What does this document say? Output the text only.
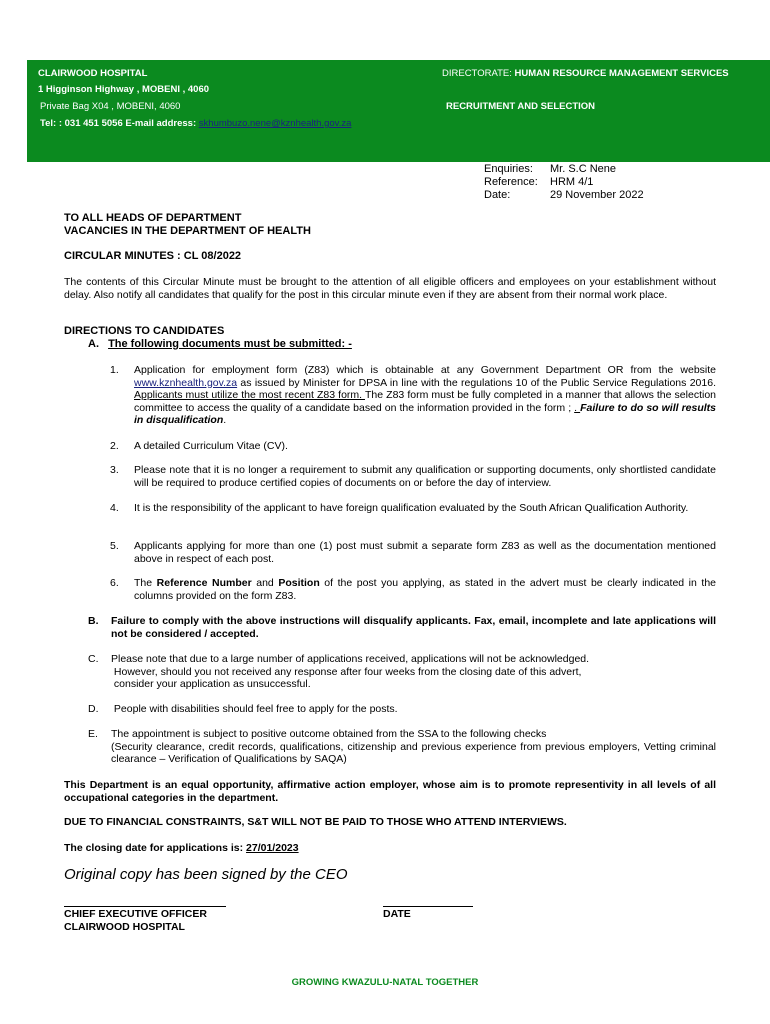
CLAIRWOOD HOSPITAL
1 Higginson Highway , MOBENI , 4060
Private Bag X04 , MOBENI, 4060
Tel: : 031 451 5056 E-mail address: skhumbuzo.nene@kznhealth.gov.za
DIRECTORATE: HUMAN RESOURCE MANAGEMENT SERVICES
RECRUITMENT AND SELECTION
Enquiries:	Mr. S.C Nene
Reference:	HRM 4/1
Date:	29 November 2022
TO ALL HEADS OF DEPARTMENT
VACANCIES IN THE DEPARTMENT OF HEALTH
CIRCULAR MINUTES : CL 08/2022
The contents of this Circular Minute must be brought to the attention of all eligible officers and employees on your establishment without delay. Also notify all candidates that qualify for the post in this circular minute even if they are absent from their normal work place.
DIRECTIONS TO CANDIDATES
A. The following documents must be submitted: -
1.	Application for employment form (Z83) which is obtainable at any Government Department OR from the website www.kznhealth.gov.za as issued by Minister for DPSA in line with the regulations 10 of the Public Service Regulations 2016. Applicants must utilize the most recent Z83 form. The Z83 form must be fully completed in a manner that allows the selection committee to access the quality of a candidate based on the information provided in the form ; . Failure to do so will results in disqualification.
2.	A detailed Curriculum Vitae (CV).
3.	Please note that it is no longer a requirement to submit any qualification or supporting documents, only shortlisted candidate will be required to produce certified copies of documents on or before the day of interview.
4.	It is the responsibility of the applicant to have foreign qualification evaluated by the South African Qualification Authority.
5.	Applicants applying for more than one (1) post must submit a separate form Z83 as well as the documentation mentioned above in respect of each post.
6.	The Reference Number and Position of the post you applying, as stated in the advert must be clearly indicated in the columns provided on the form Z83.
B. Failure to comply with the above instructions will disqualify applicants. Fax, email, incomplete and late applications will not be considered / accepted.
C. Please note that due to a large number of applications received, applications will not be acknowledged.
However, should you not received any response after four weeks from the closing date of this advert,
consider your application as unsuccessful.
D. People with disabilities should feel free to apply for the posts.
E. The appointment is subject to positive outcome obtained from the SSA to the following checks
(Security clearance, credit records, qualifications, citizenship and previous experience from previous employers, Vetting criminal clearance – Verification of Qualifications by SAQA)
This Department is an equal opportunity, affirmative action employer, whose aim is to promote representivity in all levels of all occupational categories in the department.
DUE TO FINANCIAL CONSTRAINTS, S&T WILL NOT BE PAID TO THOSE WHO ATTEND INTERVIEWS.
The closing date for applications is: 27/01/2023
Original copy has been signed by the CEO
CHIEF EXECUTIVE OFFICER
CLAIRWOOD HOSPITAL
DATE
GROWING KWAZULU-NATAL TOGETHER
